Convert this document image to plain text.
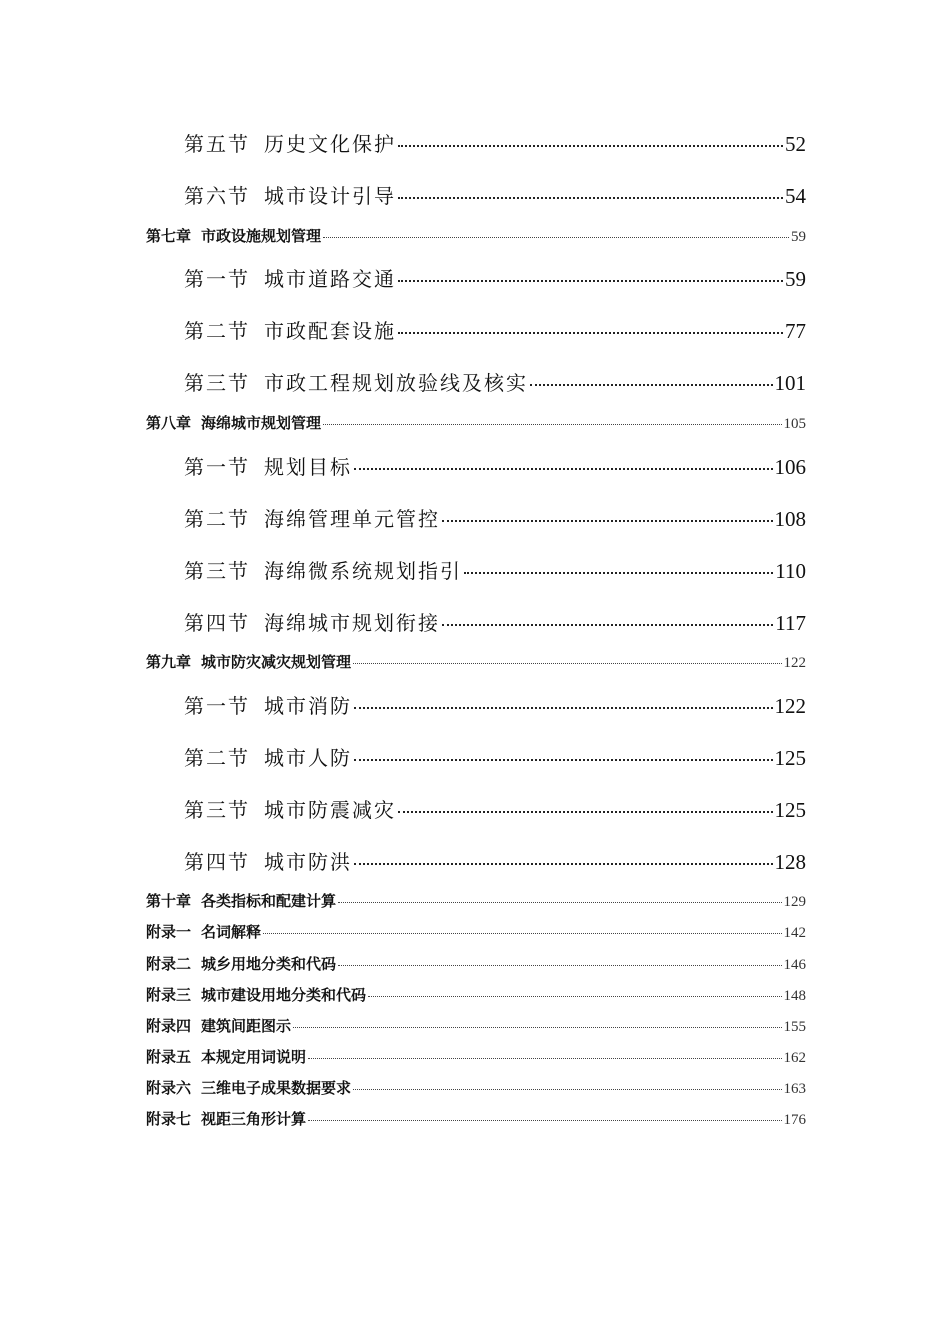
第五节 历史文化保护	52
第六节 城市设计引导	54
第七章 市政设施规划管理	59
第一节 城市道路交通	59
第二节 市政配套设施	77
第三节 市政工程规划放验线及核实	101
第八章 海绵城市规划管理	105
第一节 规划目标	106
第二节 海绵管理单元管控	108
第三节 海绵微系统规划指引	110
第四节 海绵城市规划衔接	117
第九章 城市防灾减灾规划管理	122
第一节 城市消防	122
第二节 城市人防	125
第三节 城市防震减灾	125
第四节 城市防洪	128
第十章 各类指标和配建计算	129
附录一 名词解释	142
附录二 城乡用地分类和代码	146
附录三 城市建设用地分类和代码	148
附录四 建筑间距图示	155
附录五 本规定用词说明	162
附录六 三维电子成果数据要求	163
附录七 视距三角形计算	176
